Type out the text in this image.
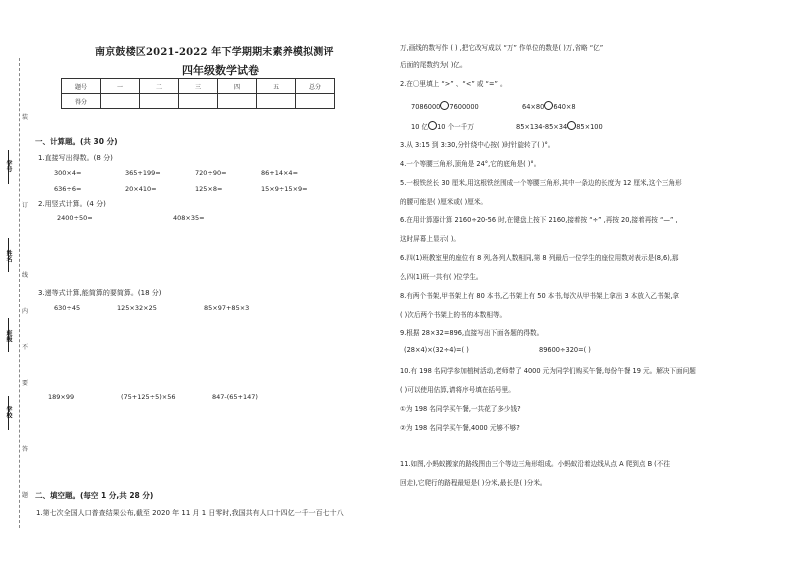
学号
姓名
班级
学校
装
订
线
内
不
要
答
题
南京鼓楼区2021-2022 年下学期期末素养模拟测评
四年级数学试卷
题号	一	二	三	四	五	总分
得分						
一、计算题。(共 30 分)
1.直接写出得数。(8 分)
300×4=	365+199=	720÷90=	86+14×4=
636÷6=	20×410=	125×8=	15×9÷15×9=
2.用竖式计算。(4 分)
2400÷50=	408×35=
3.递等式计算,能简算的要简算。(18 分)
630÷45	125×32×25	85×97+85×3
189×99	(75+125÷5)×56	847-(65+147)
二、填空题。(每空 1 分,共 28 分)
1.第七次全国人口普查结果公布,截至 2020 年 11 月 1 日零时,我国共有人口十四亿一千一百七十八
万,画线的数写作 ( ) ,把它改写成以 “万” 作单位的数是( )万,省略 “亿”
后面的尾数约为( )亿。
2.在〇里填上 “>” 、“<” 或 “=” 。
7086000 7600000	64×80 640×8
10 亿 10 个一千万	85×134-85×34 85×100
3.从 3:15 到 3:30,分针绕中心按( )时针旋转了( )°。
4.一个等腰三角形,顶角是 24°,它的底角是( )°。
5.一根铁丝长 30 厘米,用这根铁丝围成一个等腰三角形,其中一条边的长度为 12 厘米,这个三角形
的腰可能是( )厘米或( )厘米。
6.在用计算器计算 2160÷20-56 时,在键盘上按下 2160,接着按 “÷” ,再按 20,接着再按 “—” ,
这时屏幕上显示( )。
6.四(1)班教室里的座位有 8 列,各列人数相同,第 8 列最后一位学生的座位用数对表示是(8,6),那
么四(1)班一共有( )位学生。
8.有两个书架,甲书架上有 80 本书,乙书架上有 50 本书,每次从甲书架上拿出 3 本放入乙书架,拿
( )次后两个书架上的书的本数相等。
9.根据 28×32=896,直接写出下面各题的得数。
(28×4)×(32÷4)=( )	89600÷320=( )
10.有 198 名同学参加植树活动,老师带了 4000 元为同学们购买午餐,每份午餐 19 元。解决下面问题
( )可以使用估算,请将序号填在括号里。
①为 198 名同学买午餐,一共花了多少钱?
②为 198 名同学买午餐,4000 元够不够?
11.如图,小蚂蚁搬家的路线图由三个等边三角形组成。小蚂蚁沿着边线从点 A 爬到点 B (不往
回走),它爬行的路程最短是( )分米,最长是( )分米。
